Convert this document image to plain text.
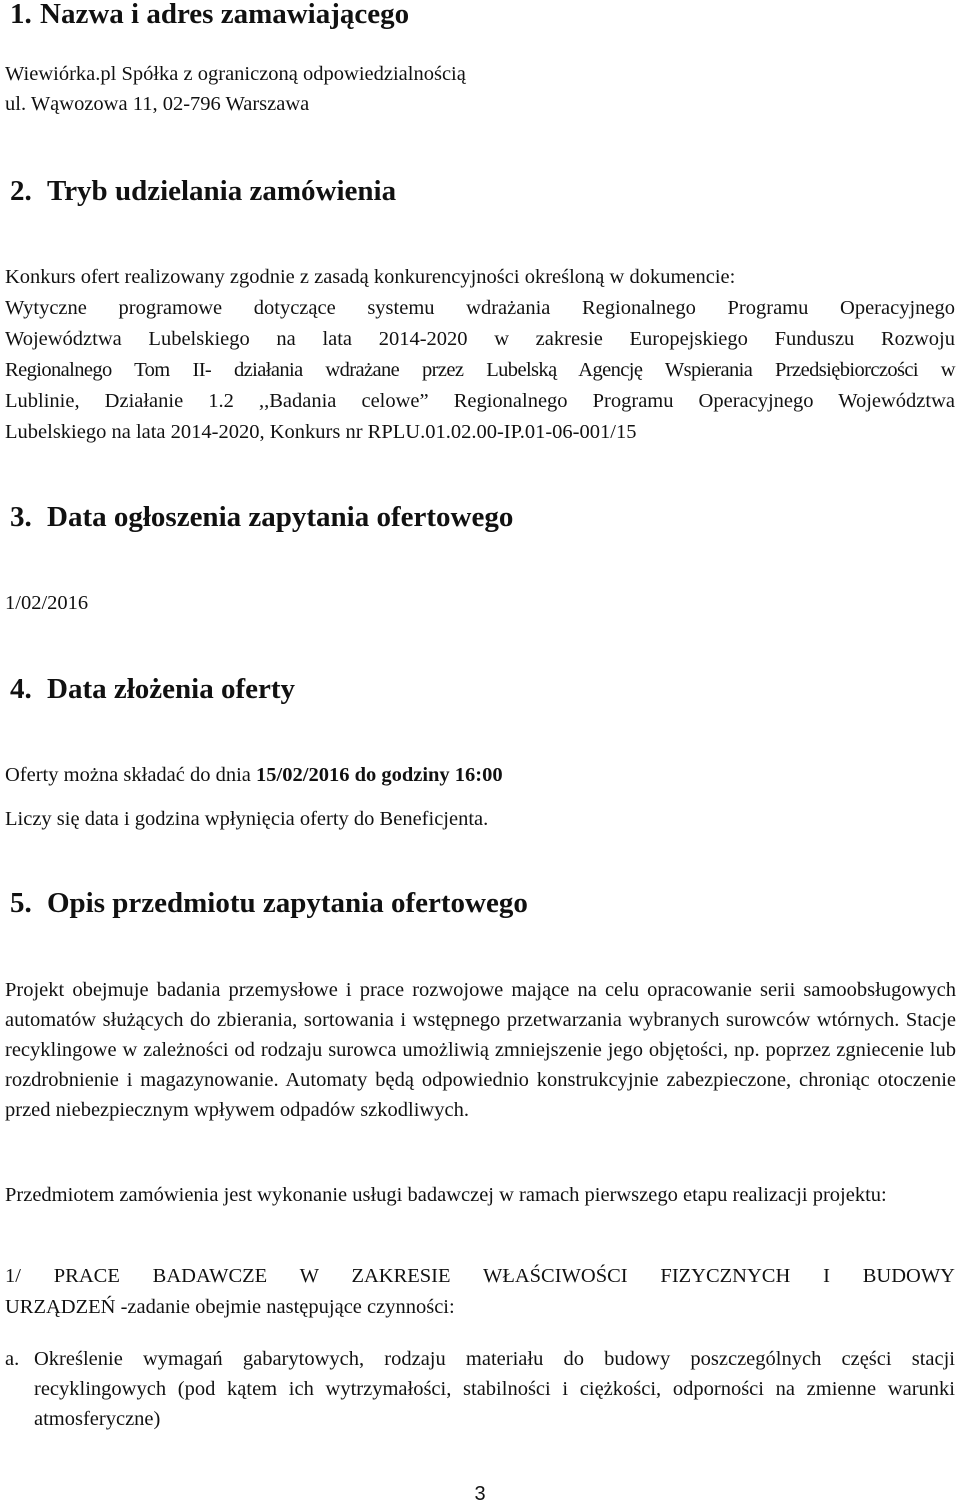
1. Nazwa i adres zamawiającego
Wiewiórka.pl Spółka z ograniczoną odpowiedzialnością
ul. Wąwozowa 11, 02-796 Warszawa
2. Tryb udzielania zamówienia
Konkurs ofert realizowany zgodnie z zasadą konkurencyjności określoną w dokumencie:
Wytyczne programowe dotyczące systemu wdrażania Regionalnego Programu Operacyjnego
Województwa Lubelskiego na lata 2014-2020 w zakresie Europejskiego Funduszu Rozwoju
Regionalnego Tom II- działania wdrażane przez Lubelską Agencję Wspierania Przedsiębiorczości w
Lublinie, Działanie 1.2 ,,Badania celowe” Regionalnego Programu Operacyjnego Województwa
Lubelskiego na lata 2014-2020, Konkurs nr RPLU.01.02.00-IP.01-06-001/15
3. Data ogłoszenia zapytania ofertowego
1/02/2016
4. Data złożenia oferty
Oferty można składać do dnia 15/02/2016 do godziny 16:00
Liczy się data i godzina wpłynięcia oferty do Beneficjenta.
5. Opis przedmiotu zapytania ofertowego
Projekt obejmuje badania przemysłowe i prace rozwojowe mające na celu opracowanie serii samoobsługowych automatów służących do zbierania, sortowania i wstępnego przetwarzania wybranych surowców wtórnych. Stacje recyklingowe w zależności od rodzaju surowca umożliwią zmniejszenie jego objętości, np. poprzez zgniecenie lub rozdrobnienie i magazynowanie. Automaty będą odpowiednio konstrukcyjnie zabezpieczone, chroniąc otoczenie przed niebezpiecznym wpływem odpadów szkodliwych.
Przedmiotem zamówienia jest wykonanie usługi badawczej w ramach pierwszego etapu realizacji projektu:
1/ PRACE BADAWCZE W ZAKRESIE WŁAŚCIWOŚCI FIZYCZNYCH I BUDOWY
URZĄDZEŃ -zadanie obejmie następujące czynności:
a. Określenie wymagań gabarytowych, rodzaju materiału do budowy poszczególnych części stacji recyklingowych (pod kątem ich wytrzymałości, stabilności i ciężkości, odporności na zmienne warunki atmosferyczne)
3
